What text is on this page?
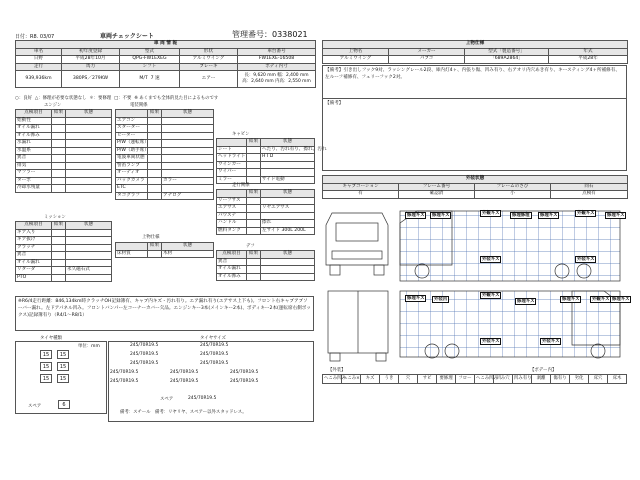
日付：R8. 03/07	車両チェックシート	管理番号：0338021
車 両 情 報				
車名	初年度登録	型式	形状	車台番号
日野	平成28年10月	QPG-FW1EXEG	アルミウイング	FW1EXE-16508
走行	馬力	シフト	ブレーキ	ボディ内寸
939,936km	380PS／279KW	M/T 7 速	エアー	長：9,620 mm 幅：2,400 mm
高：2,640 mm 内高：2,550 mm
○：良好 △：修理が必要な状態なし ＊：要修理 □：不要 ※ あくまでも全体的見た目によるものです
エンジン
点検項目	結果	状態
始動性		
オイル漏れ		
オイル滲み		
水漏れ		
水温系		
異音		
排気		
マフラー		
ターボ		
冷却水残量		
ミッション
点検項目	結果	状態
ギア入り		
ギア抜け		
クラッチ		
異音		
オイル漏れ		
リターダ		永久磁石式
PTO		
電装関係
	結果	状態
エアコン		
スターター		
ヒーター		
P/W（運転席）		
P/W（助手席）		
電波車両状態		
警笛ランプ		
オーディオ		
バックカメラ		カラー
ETC		
タコグラフ		アナログ
上物仕様
	結果	状態
床材質		木材
キャビン
	結果	状態
シート		へたり、汚れ有り、擦れ、汚れ
ヘッドライト		H I D
ウインカー		
ワイパー		
ミラー		サイド電動
走行関係
	結果	状態
リーフサス		
エアサス		リヤエアサス
パワステ		
ハンドル		擦れ
燃料タンク		左サイド 300L 200L
デフ
点検項目	結果	状態
異音		
オイル漏れ		
オイル滲み		
※R6/4走行距離：846,134km時クラッチOH記録簿有、キャブ内キズ・汚れ有り。エア漏れ有り(エアサス上下も)。フロント右キャブアブソーバー漏れ。左ドアパネル凹み。フロントバンパー左コーナーカバー欠品。エンジンキー3本(メインキー2本)、ボディキー2本(運転席右側ボックス)記録簿有り（R4/1〜R8/1）
タイヤ種類
単位：mm
15	15
15	15
15	15
スペア	6
タイヤサイズ
245/70R19.5	245/70R19.5
245/70R19.5	245/70R19.5
245/70R19.5	245/70R19.5
245/70R19.5	245/70R19.5	245/70R19.5
245/70R19.5	245/70R19.5	245/70R19.5
スペア	245/70R19.5
備考：スチール　備考：リヤリヤ、スペアー以外スタッドレス。
上物仕様			
上物名	メーカー	型式「製造番号」	年式
アルミウイング	パブコ	「689A2864」	平成28年
【備考】引き出しフック9対、ラッシングレール2段、庫内灯4ヶ、内張り傷、凹み有り、右アオリ内穴あき有り、キースティング4ヶ所補修有、左ルーフ補修有、フェリーフック2対。
【備考】
外装状態			
キャブコーション	フレーム番号	フレームのさび	同石
有	確認済	小	点検有
修理キズ	修理キズ	外観キズ	修理修理	修理キズ	外観キズ	修理キズ
外装キズ	外装キズ
修理キズ	外装凹
外観キズ
修理キズ	修理キズ	外観キズ 修理キズ
外装キズ	外装キズ
【外装】	【ボデー内】
へこみ凹み	へこみ×	キズ	うき	穴	サビ	要修理	フロー	へこみ凹み	凹み穴	凹み有り	剥離	傷有り	劣化	床穴	床木
